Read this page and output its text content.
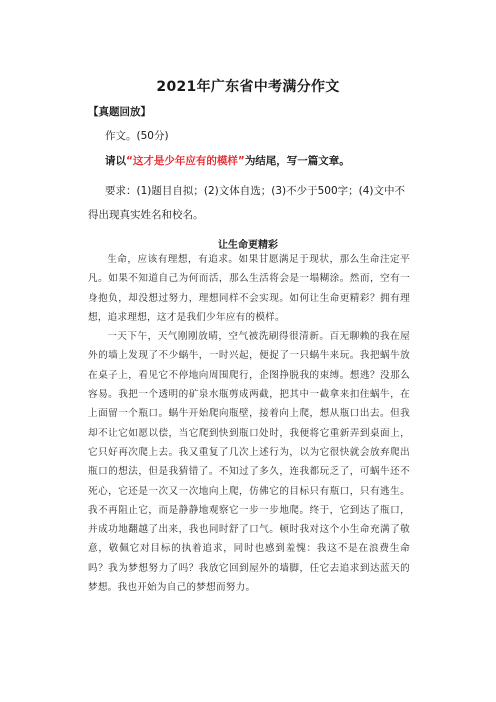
2021年广东省中考满分作文
【真题回放】
作文。(50分)
请以“这才是少年应有的模样”为结尾，写一篇文章。
要求：(1)题目自拟；(2)文体自选；(3)不少于500字；(4)文中不
得出现真实姓名和校名。
让生命更精彩

生命，应该有理想，有追求。如果甘愿满足于现状，那么生命注定平凡。如果不知道自己为何而活，那么生活将会是一塌糊涂。然而，空有一身抱负，却没想过努力，理想同样不会实现。如何让生命更精彩？拥有理想，追求理想，这才是我们少年应有的模样。

一天下午，天气刚刚放晴，空气被洗刷得很清新。百无聊赖的我在屋外的墙上发现了不少蜗牛，一时兴起，便捉了一只蜗牛来玩。我把蜗牛放在桌子上，看见它不停地向周围爬行，企图挣脱我的束缚。想逃？没那么容易。我把一个透明的矿泉水瓶剪成两截，把其中一截拿来扣住蜗牛，在上面留一个瓶口。蜗牛开始爬向瓶壁，接着向上爬，想从瓶口出去。但我却不让它如愿以偿，当它爬到快到瓶口处时，我便将它重新弄到桌面上，它只好再次爬上去。我又重复了几次上述行为，以为它很快就会放弃爬出瓶口的想法，但是我猜错了。不知过了多久，连我都玩乏了，可蜗牛还不死心，它还是一次又一次地向上爬，仿佛它的目标只有瓶口，只有逃生。我不再阻止它，而是静静地观察它一步一步地爬。终于，它到达了瓶口，并成功地翻越了出来，我也同时舒了口气。顿时我对这个小生命充满了敬意，敬佩它对目标的执着追求，同时也感到羞愧：我这不是在浪费生命吗？我为梦想努力了吗？我放它回到屋外的墙脚，任它去追求到达蓝天的梦想。我也开始为自己的梦想而努力。
